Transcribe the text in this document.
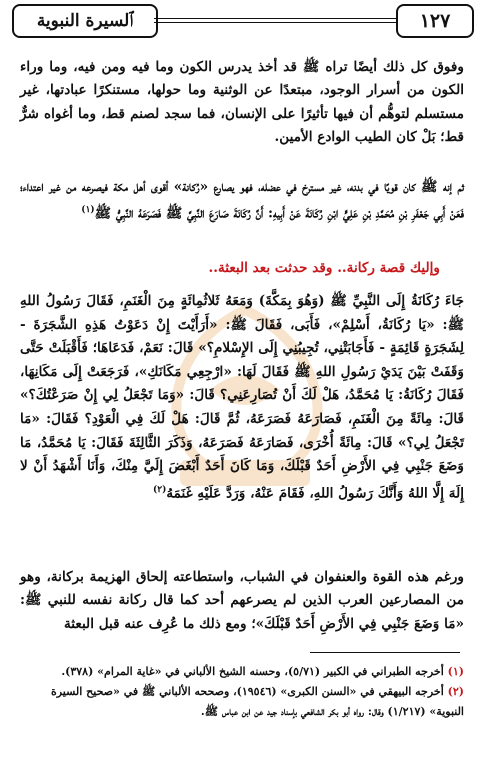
ﭐﻟﺴﻴﺮﺓ ﺍﻟﻨﺒﻮﻳﺔ	١٢٧

وفوق كل ذلك أيضًا تراه ﷺ قد أخذ يدرس الكون وما فيه ومن فيه، وما وراء الكون من أسرار الوجود، مبتعدًا عن الوثنية وما حولها، مستنكرًا عبادتها، غير مستسلم لتوهُّم أن فيها تأثيرًا على الإنسان، فما سجد لصنم قط، وما أغواه شرٌّ قط؛ بَلْ كان الطيب الوادع الأمين.

ثم إنه ﷺ كان قويًا في بدنه، غير مسترخ في عضله، فهو يصارع «رُكانة» أقوى أهل مكة فيصرعه من غير اعتداء؛ فَعَنْ أَبِي جَعْفَرِ بْنِ مُحَمَّدِ بْنِ عَلِيٍّ ابْنِ رُكَانَةَ عَنْ أَبِيهِ: أَنَّ رُكَانَةَ صَارَعَ النَّبِيَّ ﷺ فَصَرَعَهُ النَّبِيُّ ﷺ$^{(١)}$

وإليك قصة ركانة.. وقد حدثت بعد البعثة..

جَاءَ رُكَانَةُ إِلَى النَّبِيِّ ﷺ (وَهُوَ بِمَكَّةَ) وَمَعَهُ ثَلاثُمِائَةٍ مِنَ الْغَنَمِ، فَقَالَ رَسُولُ اللهِ ﷺ: «يَا رُكَانَةُ، أَسْلِمْ»، فَأَبَى، فَقَالَ ﷺ: «أَرَأَيْتَ إِنْ دَعَوْتُ هَذِهِ الشَّجَرَةَ - لِشَجَرَةٍ قَائِمَةٍ - فَأَجَابَتْنِي، تُجِيبُنِي إِلَى الإِسْلامِ؟» قَالَ: نَعَمْ، فَدَعَاهَا؛ فَأَقْبَلَتْ حَتَّى وَقَفَتْ بَيْنَ يَدَيْ رَسُولِ اللهِ ﷺ فَقَالَ لَهَا: «ارْجِعِي مَكَانَكِ»، فَرَجَعَتْ إِلَى مَكَانِهَا، فَقَالَ رُكَانَةُ: يَا مُحَمَّدُ، هَلْ لَكَ أَنْ تُصَارِعَنِي؟ قَالَ: «وَمَا تَجْعَلُ لِي إِنْ صَرَعْتُكَ؟» قَالَ: مِائَةً مِنَ الْغَنَمِ، فَصَارَعَهُ فَصَرَعَهُ، ثُمَّ قَالَ: هَلْ لَكَ فِي الْعَوْدِ؟ فَقَالَ: «مَا تَجْعَلُ لِي؟» قَالَ: مِائَةً أُخْرَى، فَصَارَعَهُ فَصَرَعَهُ، وَذَكَرَ الثَّالِثَةَ فَقَالَ: يَا مُحَمَّدُ، مَا وَضَعَ جَنْبِي فِي الأَرْضِ أَحَدٌ قَبْلَكَ، وَمَا كَانَ أَحَدٌ أَبْغَضَ إِلَيَّ مِنْكَ، وَأَنَا أَشْهَدُ أَنْ لا إِلَهَ إِلَّا اللهُ وَأَنَّكَ رَسُولُ اللهِ، فَقَامَ عَنْهُ، وَرَدَّ عَلَيْهِ غَنَمَهُ$^{(٢)}$

ورغم هذه القوة والعنفوان في الشباب، واستطاعته إلحاق الهزيمة بركانة، وهو من المصارعين العرب الذين لم يصرعهم أحد كما قال ركانة نفسه للنبي ﷺ: «مَا وَضَعَ جَنْبِي فِي الأَرْضِ أَحَدٌ قَبْلَكَ»؛ ومع ذلك ما عُرِف عنه قبل البعثة

(١) أخرجه الطبراني في الكبير (٥/٧١)، وحسنه الشيخ الألباني في «غاية المرام» (٣٧٨).

(٢) أخرجه البيهقي في «السنن الكبرى» (١٩٥٤٦)، وصححه الألباني ﷺ في «صحيح السيرة النبوية» (١/٢١٧) وقال: رواه أبو بكر الشافعي بإسناد جيد عن ابن عباس ﷺ.
